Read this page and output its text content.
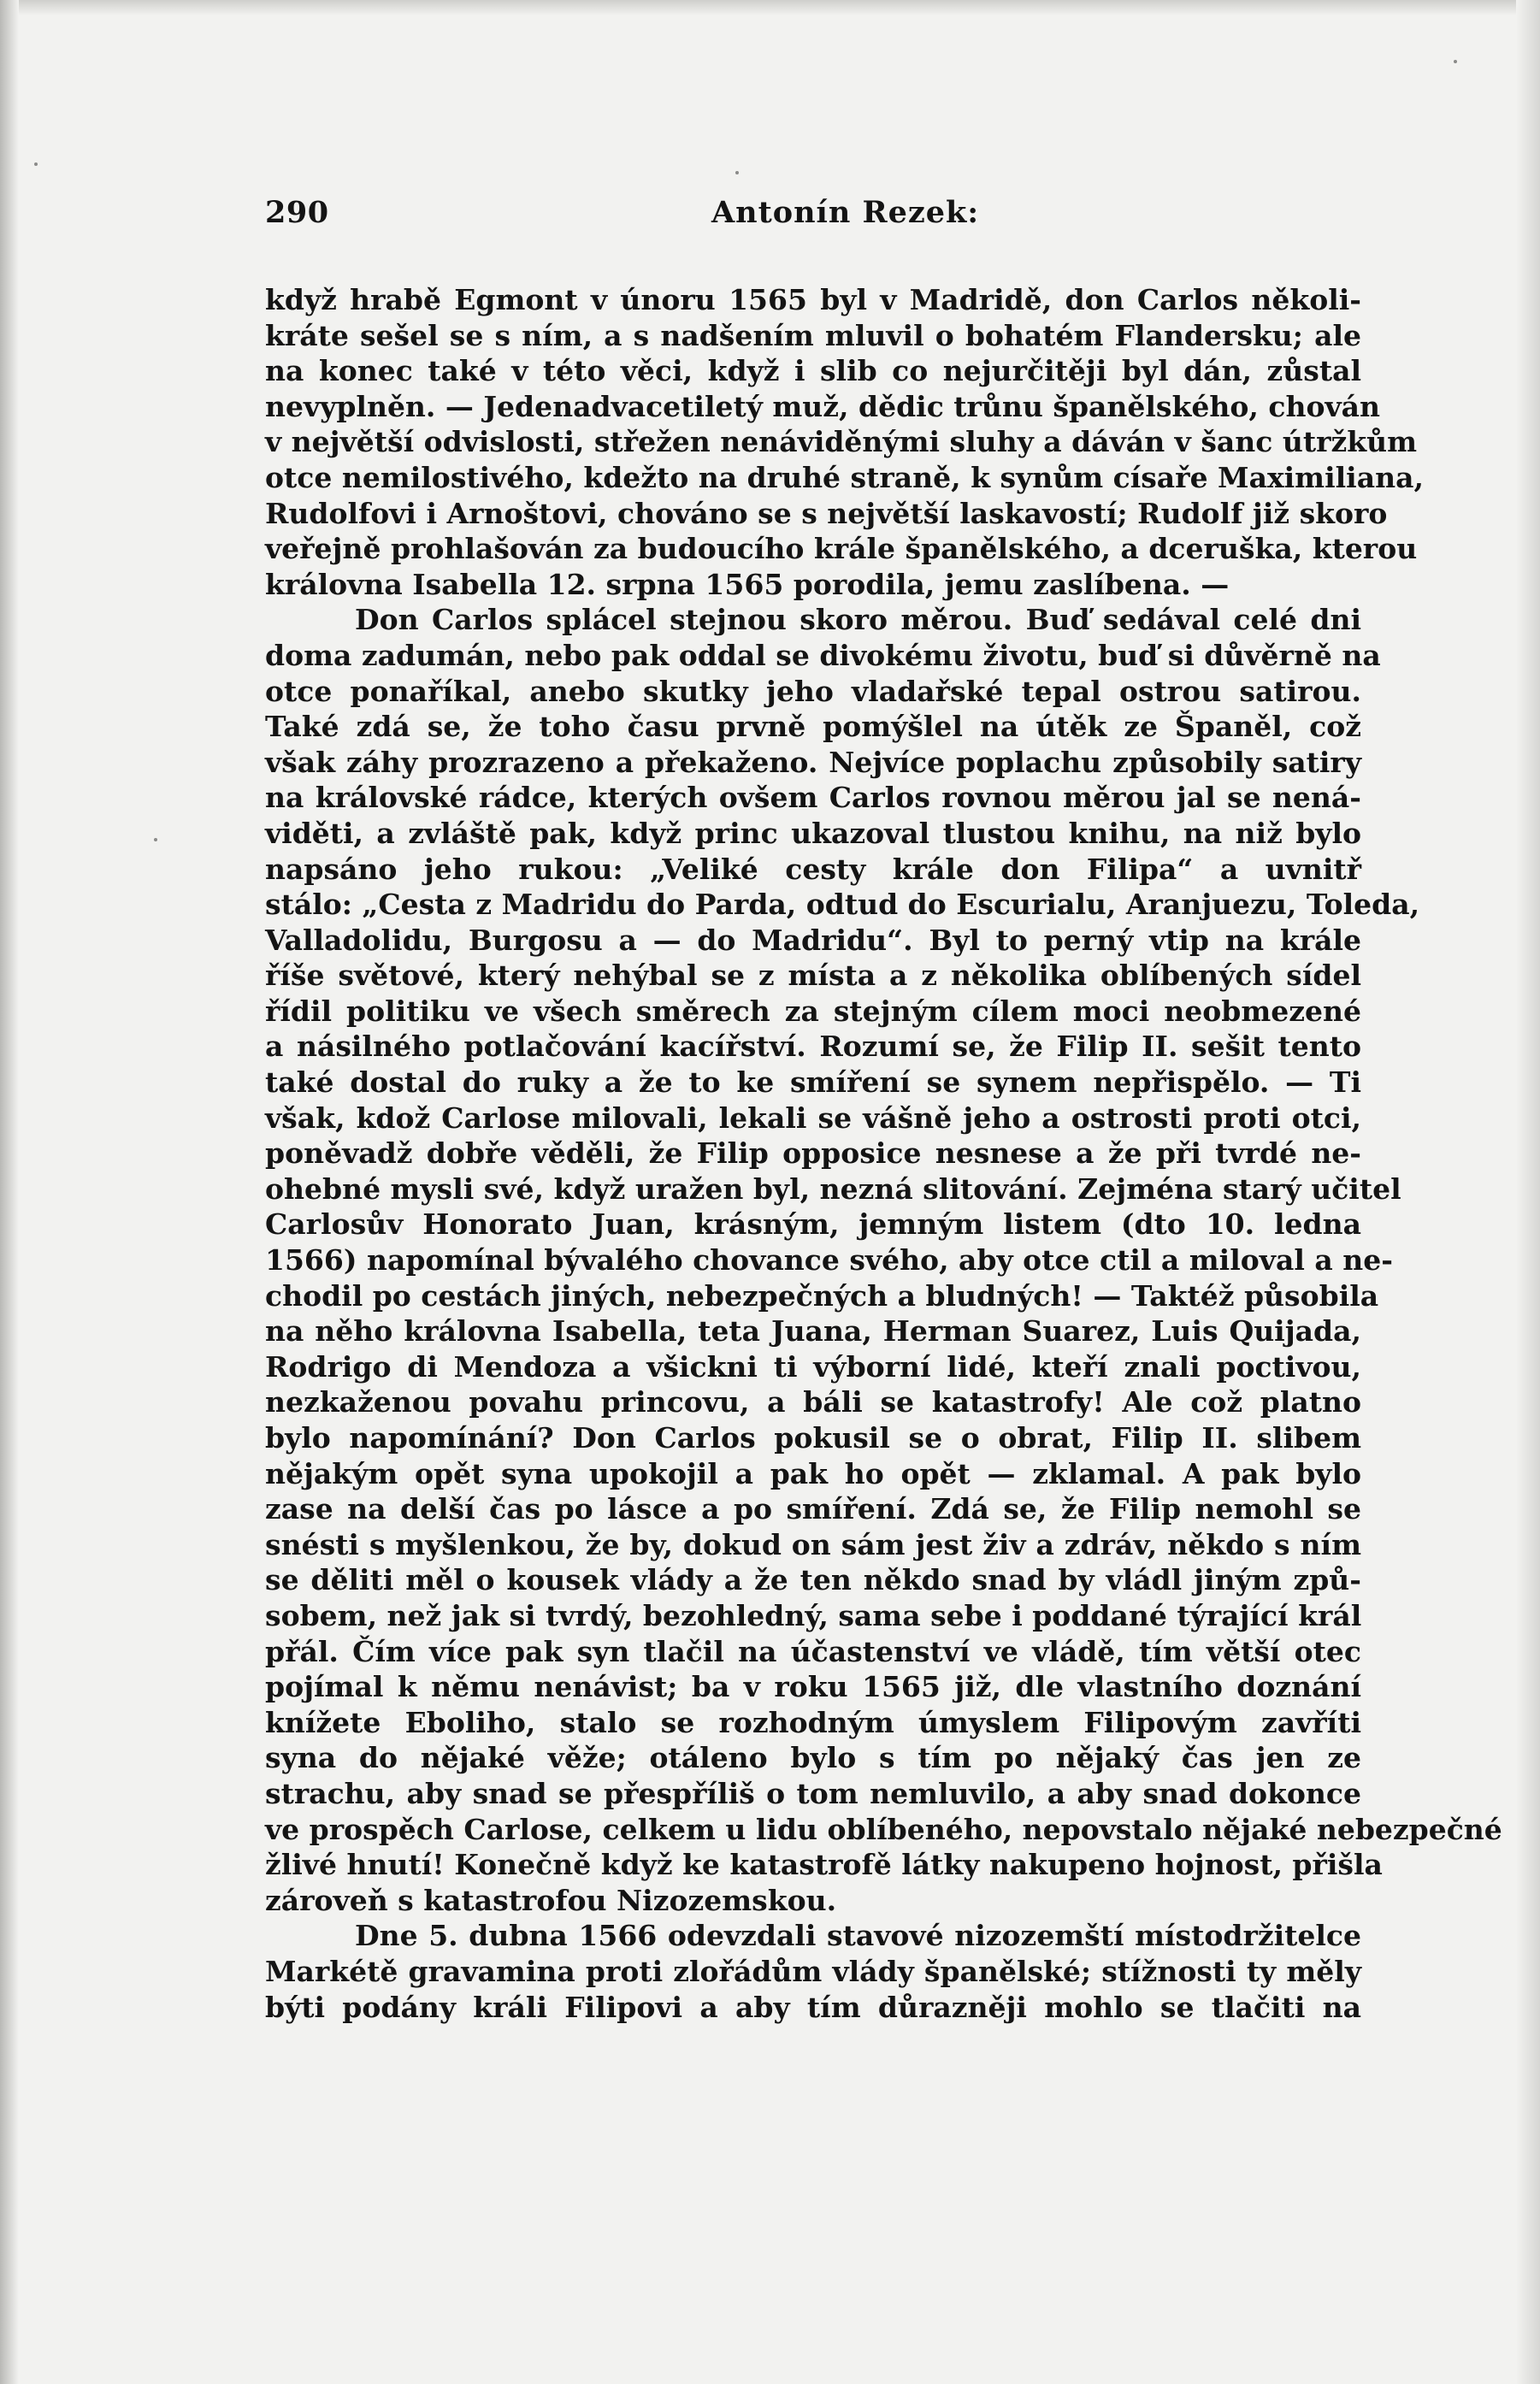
290	Antonín Rezek:
když hrabě Egmont v únoru 1565 byl v Madridě, don Carlos několi-
kráte sešel se s ním, a s nadšením mluvil o bohatém Flandersku; ale
na konec také v této věci, když i slib co nejurčitěji byl dán, zůstal
nevyplněn. — Jedenadvacetiletý muž, dědic trůnu španělského, chován
v největší odvislosti, střežen nenáviděnými sluhy a dáván v šanc útržkům
otce nemilostivého, kdežto na druhé straně, k synům císaře Maximiliana,
Rudolfovi i Arnoštovi, chováno se s největší laskavostí; Rudolf již skoro
veřejně prohlašován za budoucího krále španělského, a dceruška, kterou
královna Isabella 12. srpna 1565 porodila, jemu zaslíbena. —
Don Carlos splácel stejnou skoro měrou. Buď sedával celé dni
doma zadumán, nebo pak oddal se divokému životu, buď si důvěrně na
otce ponaříkal, anebo skutky jeho vladařské tepal ostrou satirou.
Také zdá se, že toho času prvně pomýšlel na útěk ze Španěl, což
však záhy prozrazeno a překaženo. Nejvíce poplachu způsobily satiry
na královské rádce, kterých ovšem Carlos rovnou měrou jal se nená-
viděti, a zvláště pak, když princ ukazoval tlustou knihu, na niž bylo
napsáno jeho rukou: „Veliké cesty krále don Filipa“ a uvnitř
stálo: „Cesta z Madridu do Parda, odtud do Escurialu, Aranjuezu, Toleda,
Valladolidu, Burgosu a — do Madridu“. Byl to perný vtip na krále
říše světové, který nehýbal se z místa a z několika oblíbených sídel
řídil politiku ve všech směrech za stejným cílem moci neobmezené
a násilného potlačování kacířství. Rozumí se, že Filip II. sešit tento
také dostal do ruky a že to ke smíření se synem nepřispělo. — Ti
však, kdož Carlose milovali, lekali se vášně jeho a ostrosti proti otci,
poněvadž dobře věděli, že Filip opposice nesnese a že při tvrdé ne-
ohebné mysli své, když uražen byl, nezná slitování. Zejména starý učitel
Carlosův Honorato Juan, krásným, jemným listem (dto 10. ledna
1566) napomínal bývalého chovance svého, aby otce ctil a miloval a ne-
chodil po cestách jiných, nebezpečných a bludných! — Taktéž působila
na něho královna Isabella, teta Juana, Herman Suarez, Luis Quijada,
Rodrigo di Mendoza a všickni ti výborní lidé, kteří znali poctivou,
nezkaženou povahu princovu, a báli se katastrofy! Ale což platno
bylo napomínání? Don Carlos pokusil se o obrat, Filip II. slibem
nějakým opět syna upokojil a pak ho opět — zklamal. A pak bylo
zase na delší čas po lásce a po smíření. Zdá se, že Filip nemohl se
snésti s myšlenkou, že by, dokud on sám jest živ a zdráv, někdo s ním
se děliti měl o kousek vlády a že ten někdo snad by vládl jiným způ-
sobem, než jak si tvrdý, bezohledný, sama sebe i poddané týrající král
přál. Čím více pak syn tlačil na účastenství ve vládě, tím větší otec
pojímal k němu nenávist; ba v roku 1565 již, dle vlastního doznání
knížete Eboliho, stalo se rozhodným úmyslem Filipovým zavříti
syna do nějaké věže; otáleno bylo s tím po nějaký čas jen ze
strachu, aby snad se přespříliš o tom nemluvilo, a aby snad dokonce
ve prospěch Carlose, celkem u lidu oblíbeného, nepovstalo nějaké nebezpečné
žlivé hnutí! Konečně když ke katastrofě látky nakupeno hojnost, přišla
zároveň s katastrofou Nizozemskou.
Dne 5. dubna 1566 odevzdali stavové nizozemští místodržitelce
Markétě gravamina proti zlořádům vlády španělské; stížnosti ty měly
býti podány králi Filipovi a aby tím důrazněji mohlo se tlačiti na
